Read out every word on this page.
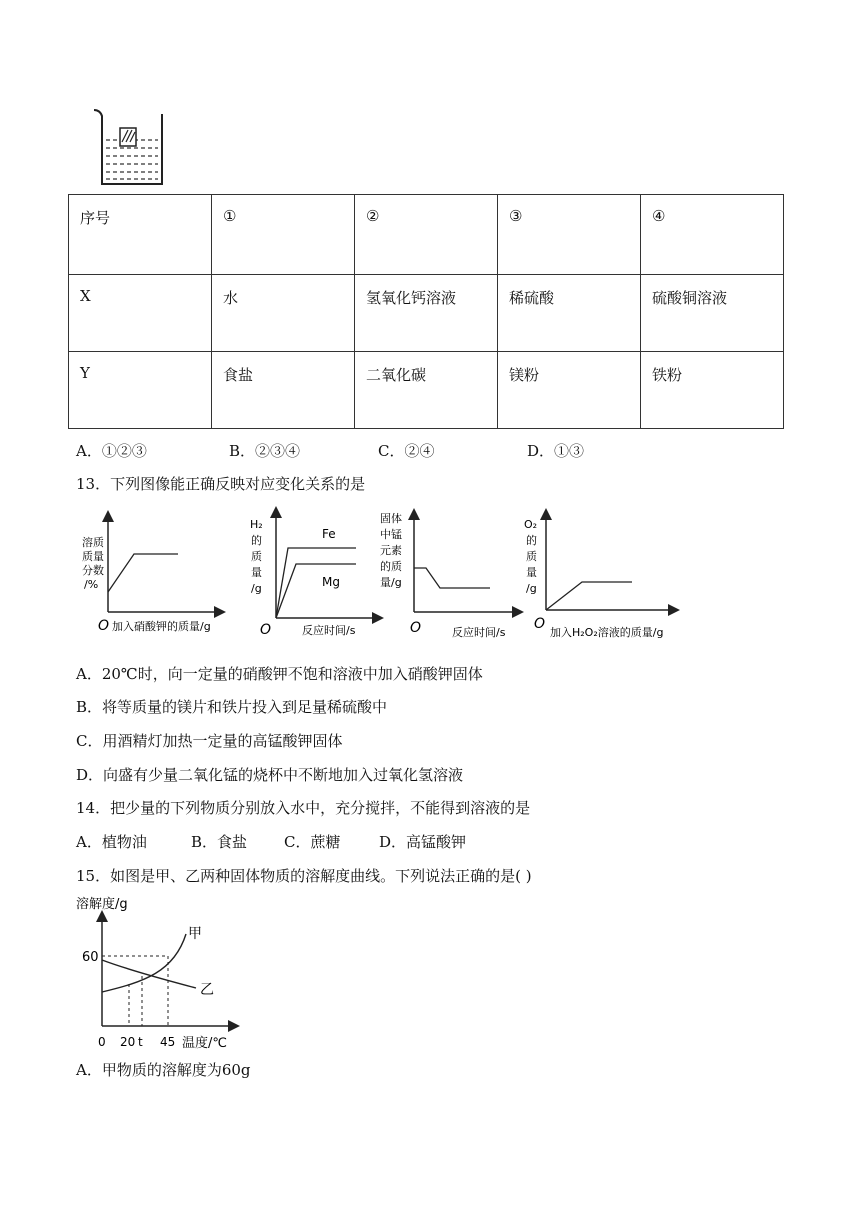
序号	①	②	③	④
X	水	氢氧化钙溶液	稀硫酸	硫酸铜溶液
Y	食盐	二氧化碳	镁粉	铁粉
A．①②③	B．②③④	C．②④	D．①③
13．下列图像能正确反映对应变化关系的是
溶质
质量
分数
/%
O 加入硝酸钾的质量/g
Fe
Mg
H₂
的
质
量
/g
O	反应时间/s
固体
中锰
元素
的质
量/g
O	反应时间/s
O₂
的
质
量
/g
O
加入H₂O₂溶液的质量/g
A．20℃时，向一定量的硝酸钾不饱和溶液中加入硝酸钾固体
B．将等质量的镁片和铁片投入到足量稀硫酸中
C．用酒精灯加热一定量的高锰酸钾固体
D．向盛有少量二氧化锰的烧杯中不断地加入过氧化氢溶液
14．把少量的下列物质分别放入水中，充分搅拌，不能得到溶液的是
A．植物油	B．食盐 C．蔗糖	D．高锰酸钾
15．如图是甲、乙两种固体物质的溶解度曲线。下列说法正确的是( )
溶解度/g
60
甲
乙
0 20 t 45 温度/℃
A．甲物质的溶解度为60g
